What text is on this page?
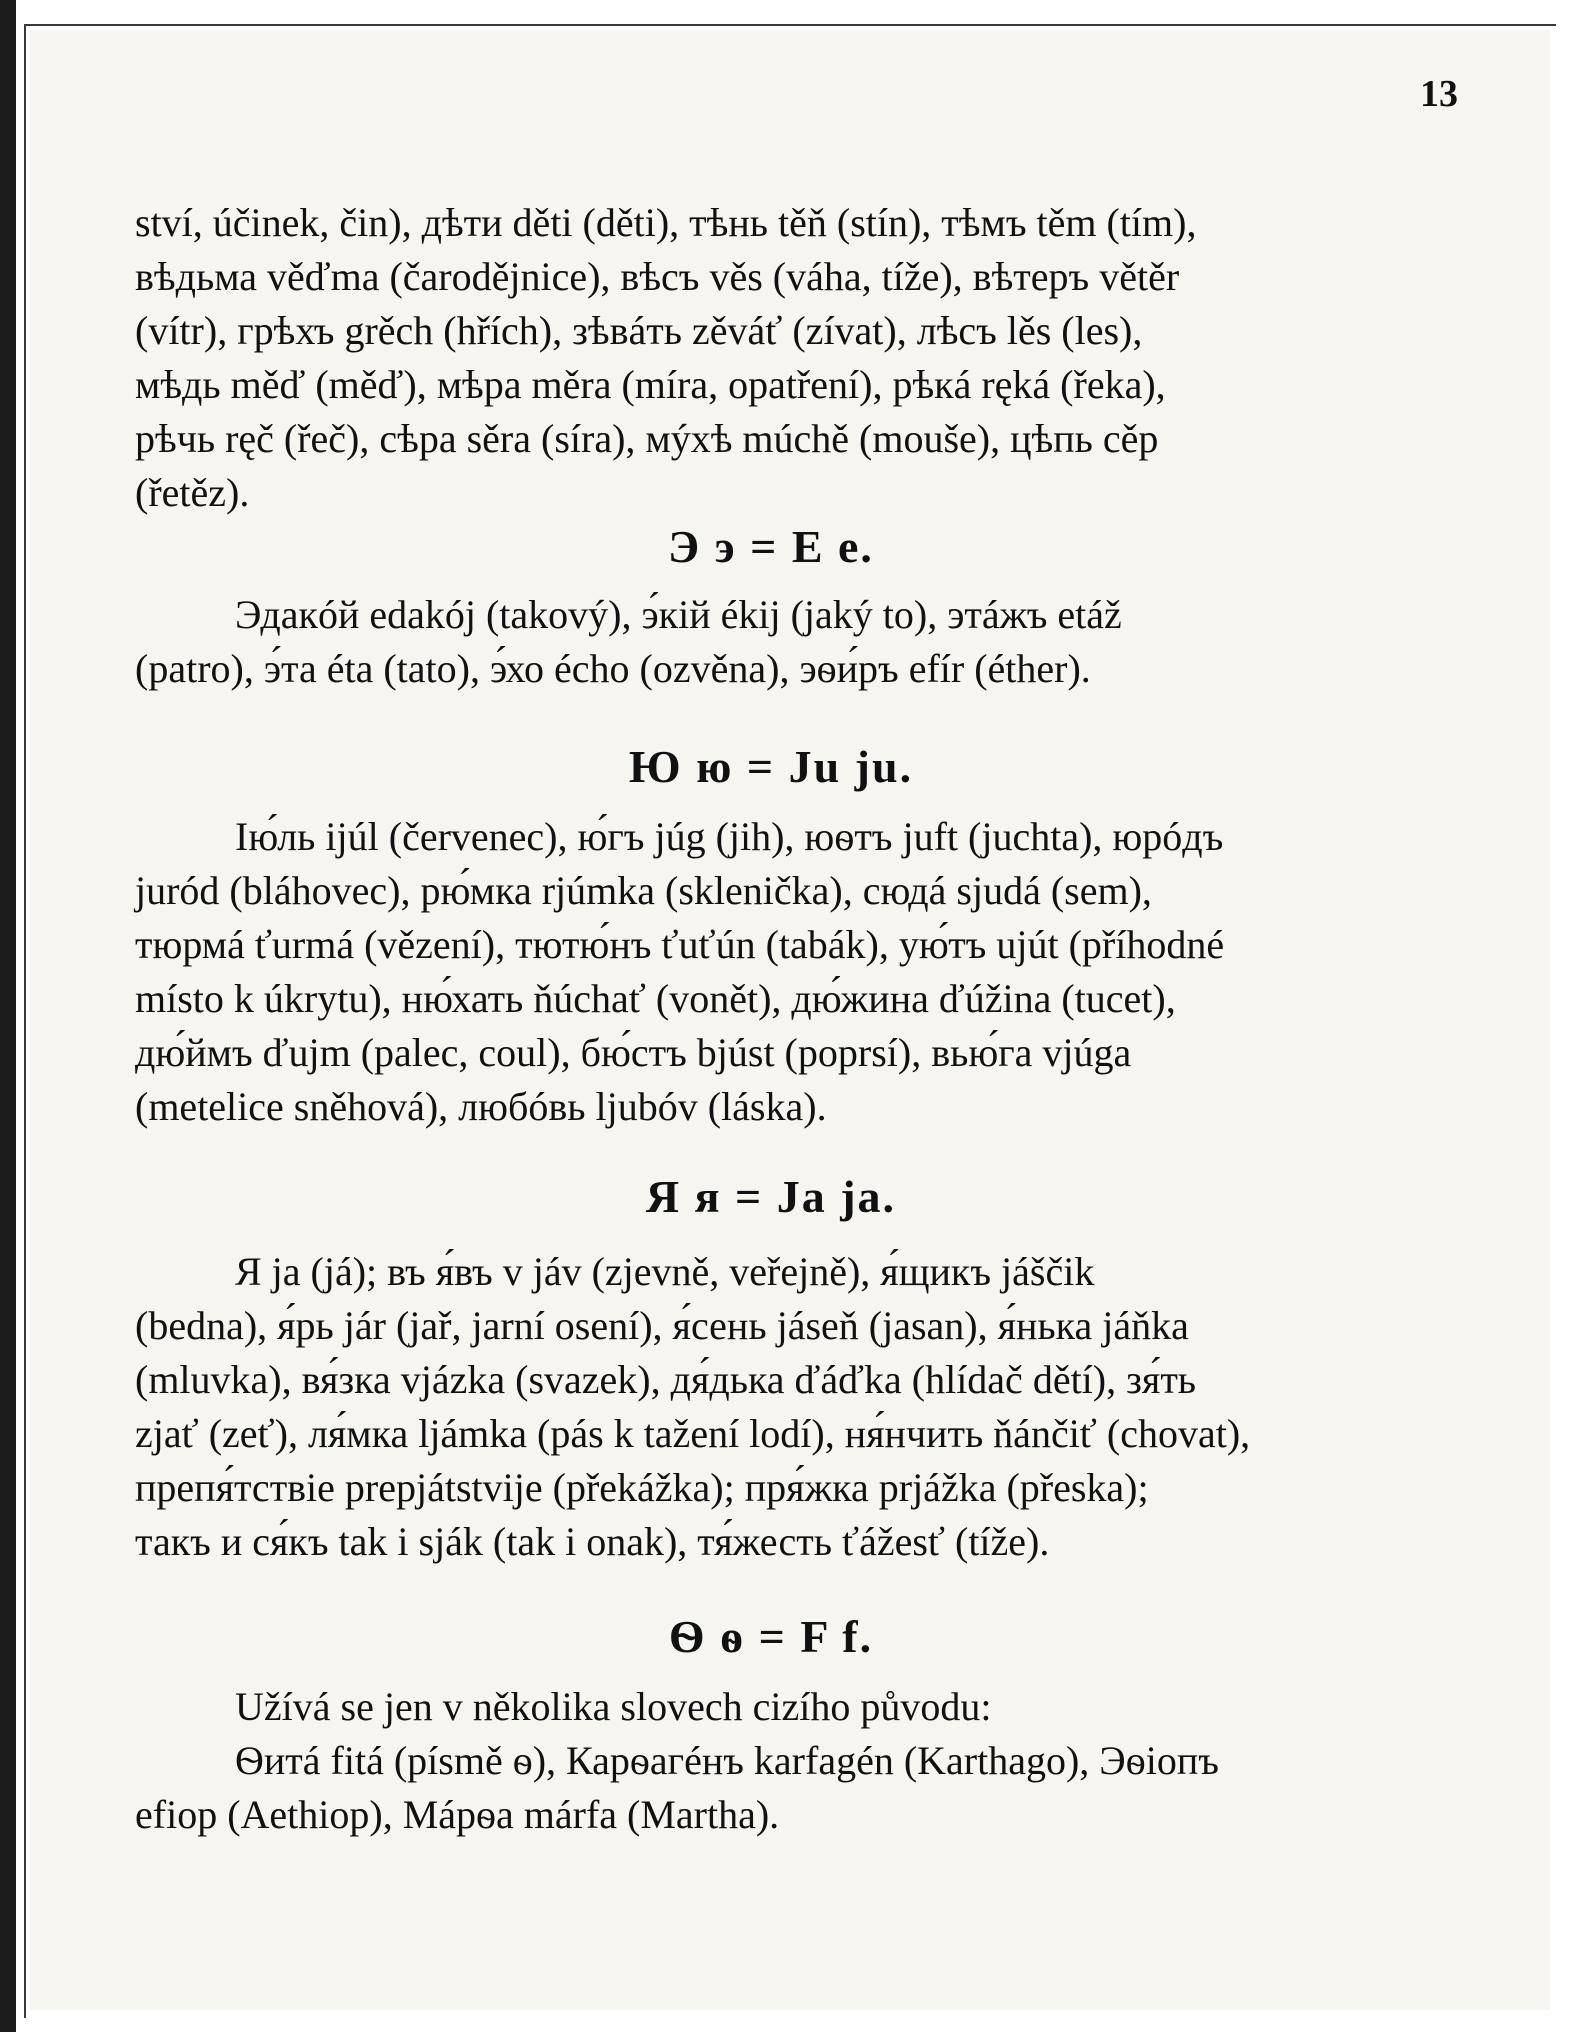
13

ství, účinek, čin), дѣти děti (děti), тѣнь těň (stín), тѣмъ těm (tím),

вѣдьма věďma (čarodějnice), вѣсъ věs (váha, tíže), вѣтеръ větěr

(vítr), грѣхъ grěch (hřích), зѣвáть zěváť (zívat), лѣсъ lěs (les),

мѣдь měď (měď), мѣра měra (míra, opatření), рѣкá ręká (řeka),

рѣчь ręč (řeč), сѣра sěra (síra), мýхѣ múchě (mouše), цѣпь cěp

(řetěz).

Э э = E e.

Эдакóй edakój (takový), э́кій ékij (jaký to), этáжъ etáž

(patro), э́та éta (tato), э́хо écho (ozvěna), эѳи́ръ efír (éther).

Ю ю = Ju ju.

Ію́ль ijúl (červenec), ю́гъ júg (jih), юѳтъ juft (juchta), юрóдъ

juród (bláhovec), рю́мка rjúmka (sklenička), сюдá sjudá (sem),

тюрмá ťurmá (vězení), тютю́нъ ťuťún (tabák), ую́тъ ujút (příhodné

místo k úkrytu), ню́хать ňúchať (vonět), дю́жина ďúžina (tucet),

дю́ймъ ďujm (palec, coul), бю́стъ bjúst (poprsí), вью́га vjúga

(metelice sněhová), любóвь ljubóv (láska).

Я я = Ja ja.

Я ja (já); въ я́въ v jáv (zjevně, veřejně), я́щикъ jáščik

(bedna), я́рь jár (jař, jarní osení), я́сень jáseň (jasan), я́нька jáňka

(mluvka), вя́зка vjázka (svazek), дя́дька ďáďka (hlídač dětí), зя́ть

zjať (zeť), ля́мка ljámka (pás k tažení lodí), ня́нчить ňánčiť (chovat),

препя́тствіе prepjátstvije (překážka); пря́жка prjážka (přeska);

такъ и ся́къ tak i sják (tak i onak), тя́жесть ťážesť (tíže).

Ѳ ѳ = F f.

Užívá se jen v několika slovech cizího původu:

Ѳитá fitá (písmě ѳ), Карѳагéнъ karfagén (Karthago), Эѳіопъ

efiop (Aethiop), Мáрѳа márfa (Martha).
